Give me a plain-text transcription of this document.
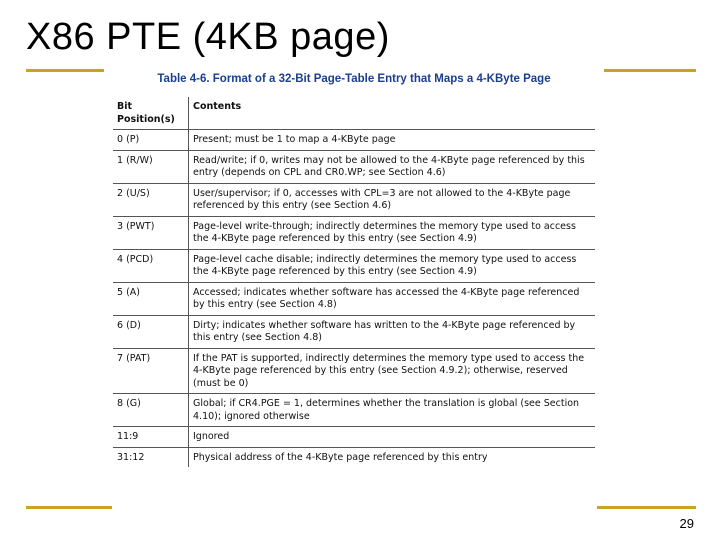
X86 PTE (4KB page)
Table 4-6. Format of a 32-Bit Page-Table Entry that Maps a 4-KByte Page
Bit Position(s)	Contents
0 (P)	Present; must be 1 to map a 4-KByte page
1 (R/W)	Read/write; if 0, writes may not be allowed to the 4-KByte page referenced by this entry (depends on CPL and CR0.WP; see Section 4.6)
2 (U/S)	User/supervisor; if 0, accesses with CPL=3 are not allowed to the 4-KByte page referenced by this entry (see Section 4.6)
3 (PWT)	Page-level write-through; indirectly determines the memory type used to access the 4-KByte page referenced by this entry (see Section 4.9)
4 (PCD)	Page-level cache disable; indirectly determines the memory type used to access the 4-KByte page referenced by this entry (see Section 4.9)
5 (A)	Accessed; indicates whether software has accessed the 4-KByte page referenced by this entry (see Section 4.8)
6 (D)	Dirty; indicates whether software has written to the 4-KByte page referenced by this entry (see Section 4.8)
7 (PAT)	If the PAT is supported, indirectly determines the memory type used to access the 4-KByte page referenced by this entry (see Section 4.9.2); otherwise, reserved (must be 0)
8 (G)	Global; if CR4.PGE = 1, determines whether the translation is global (see Section 4.10); ignored otherwise
11:9	Ignored
31:12	Physical address of the 4-KByte page referenced by this entry
29
